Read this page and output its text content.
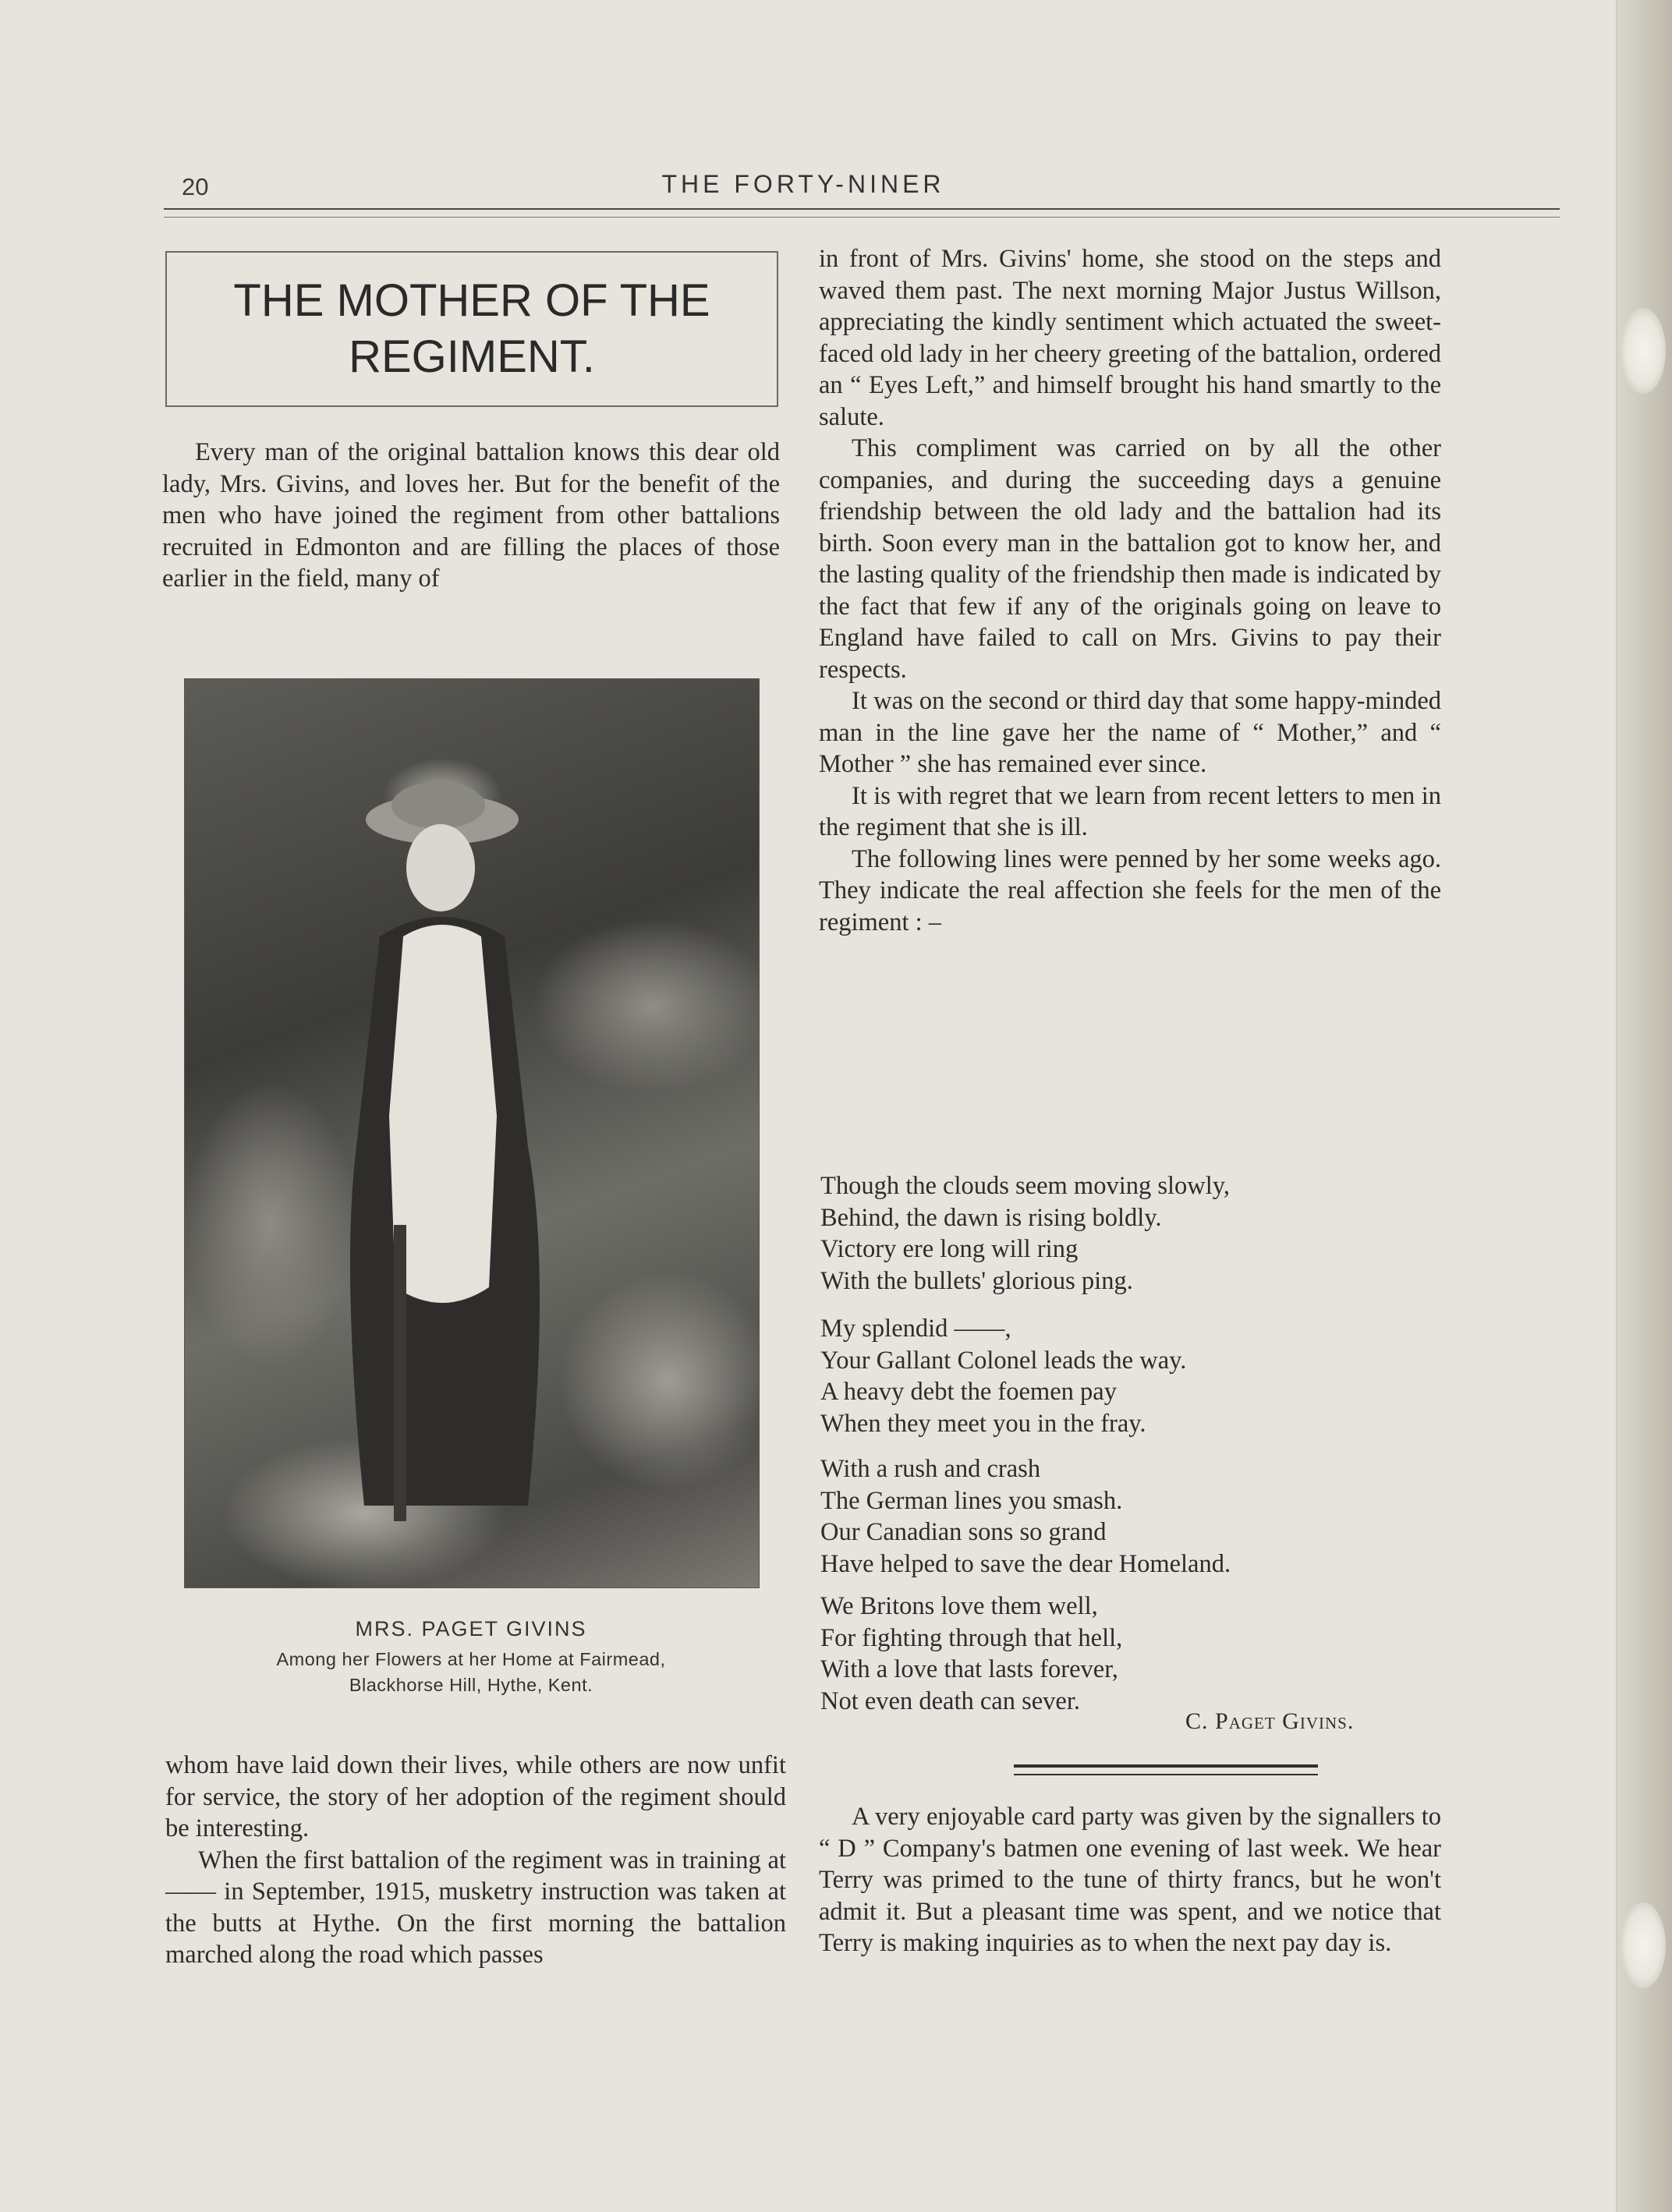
20	THE FORTY-NINER
THE MOTHER OF THE REGIMENT.

Every man of the original battalion knows this dear old lady, Mrs. Givins, and loves her. But for the benefit of the men who have joined the regiment from other battalions recruited in Edmonton and are filling the places of those earlier in the field, many of

MRS. PAGET GIVINS
Among her Flowers at her Home at Fairmead,
Blackhorse Hill, Hythe, Kent.

whom have laid down their lives, while others are now unfit for service, the story of her adoption of the regiment should be interesting.

When the first battalion of the regiment was in training at —— in September, 1915, musketry instruction was taken at the butts at Hythe. On the first morning the battalion marched along the road which passes

in front of Mrs. Givins' home, she stood on the steps and waved them past. The next morning Major Justus Willson, appreciating the kindly sentiment which actuated the sweet-faced old lady in her cheery greeting of the battalion, ordered an “ Eyes Left,” and himself brought his hand smartly to the salute.

This compliment was carried on by all the other companies, and during the succeeding days a genuine friendship between the old lady and the battalion had its birth. Soon every man in the battalion got to know her, and the lasting quality of the friendship then made is indicated by the fact that few if any of the originals going on leave to England have failed to call on Mrs. Givins to pay their respects.

It was on the second or third day that some happy-minded man in the line gave her the name of “ Mother,” and “ Mother ” she has remained ever since.

It is with regret that we learn from recent letters to men in the regiment that she is ill.

The following lines were penned by her some weeks ago. They indicate the real affection she feels for the men of the regiment : –

Though the clouds seem moving slowly,
Behind, the dawn is rising boldly.
Victory ere long will ring
With the bullets' glorious ping.
My splendid ——,
Your Gallant Colonel leads the way.
A heavy debt the foemen pay
When they meet you in the fray.
With a rush and crash
The German lines you smash.
Our Canadian sons so grand
Have helped to save the dear Homeland.
We Britons love them well,
For fighting through that hell,
With a love that lasts forever,
Not even death can sever.
C. Paget Givins.

A very enjoyable card party was given by the signallers to “ D ” Company's batmen one evening of last week. We hear Terry was primed to the tune of thirty francs, but he won't admit it. But a pleasant time was spent, and we notice that Terry is making inquiries as to when the next pay day is.
